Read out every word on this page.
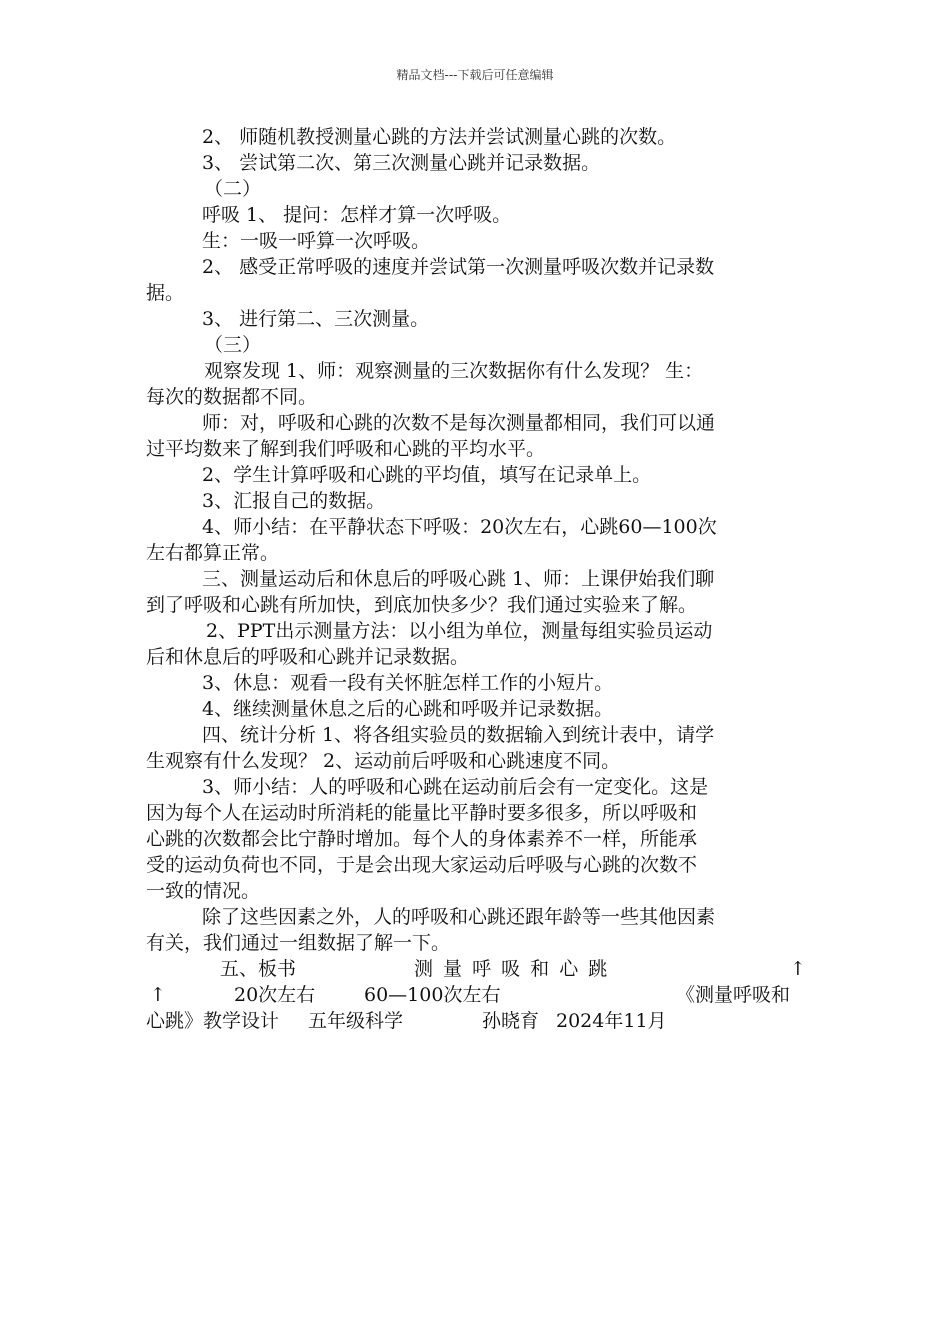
精品文档---下载后可任意编辑
2、 师随机教授测量心跳的方法并尝试测量心跳的次数。
3、 尝试第二次、第三次测量心跳并记录数据。
（二）
呼吸 1、 提问：怎样才算一次呼吸。
生：一吸一呼算一次呼吸。
2、 感受正常呼吸的速度并尝试第一次测量呼吸次数并记录数
据。
3、 进行第二、三次测量。
（三）
观察发现 1、师：观察测量的三次数据你有什么发现？ 生：
每次的数据都不同。
师：对，呼吸和心跳的次数不是每次测量都相同，我们可以通
过平均数来了解到我们呼吸和心跳的平均水平。
2、学生计算呼吸和心跳的平均值，填写在记录单上。
3、汇报自己的数据。
4、师小结：在平静状态下呼吸：20次左右，心跳60—100次
左右都算正常。
三、测量运动后和休息后的呼吸心跳 1、师：上课伊始我们聊
到了呼吸和心跳有所加快，到底加快多少？我们通过实验来了解。
2、PPT出示测量方法：以小组为单位，测量每组实验员运动
后和休息后的呼吸和心跳并记录数据。
3、休息：观看一段有关怀脏怎样工作的小短片。
4、继续测量休息之后的心跳和呼吸并记录数据。
四、统计分析 1、将各组实验员的数据输入到统计表中，请学
生观察有什么发现？ 2、运动前后呼吸和心跳速度不同。
3、师小结：人的呼吸和心跳在运动前后会有一定变化。这是
因为每个人在运动时所消耗的能量比平静时要多很多，所以呼吸和
心跳的次数都会比宁静时增加。每个人的身体素养不一样，所能承
受的运动负荷也不同，于是会出现大家运动后呼吸与心跳的次数不
一致的情况。
除了这些因素之外，人的呼吸和心跳还跟年龄等一些其他因素
有关，我们通过一组数据了解一下。
五、板书	测 量 呼 吸 和 心 跳	↑
↑	20次左右	60—100次左右	《测量呼吸和
心跳》教学设计 五年级科学	孙晓育 2024年11月
